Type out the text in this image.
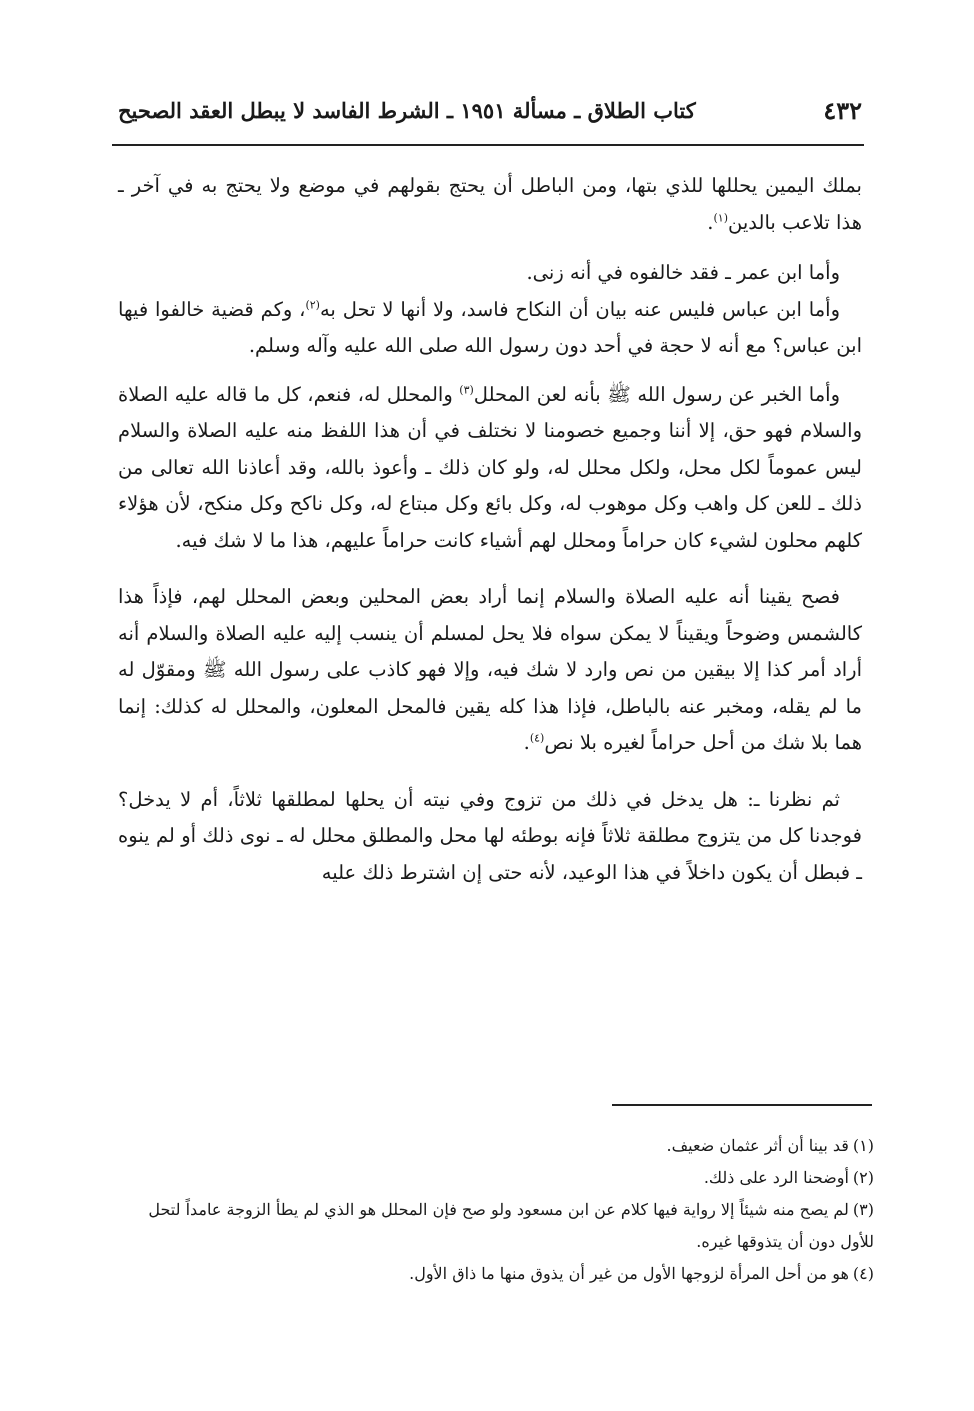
٤٣٢
كتاب الطلاق ـ مسألة ١٩٥١ ـ الشرط الفاسد لا يبطل العقد الصحيح

بملك اليمين يحللها للذي بتها، ومن الباطل أن يحتج بقولهم في موضع ولا يحتج به في آخر ـ هذا تلاعب بالدين$^{(١)}$.

وأما ابن عمر ـ فقد خالفوه في أنه زنى.

وأما ابن عباس فليس عنه بيان أن النكاح فاسد، ولا أنها لا تحل به$^{(٢)}$، وكم قضية خالفوا فيها ابن عباس؟ مع أنه لا حجة في أحد دون رسول الله صلى الله عليه وآله وسلم.

وأما الخبر عن رسول الله ﷺ بأنه لعن المحلل$^{(٣)}$ والمحلل له، فنعم، كل ما قاله عليه الصلاة والسلام فهو حق، إلا أننا وجميع خصومنا لا نختلف في أن هذا اللفظ منه عليه الصلاة والسلام ليس عموماً لكل محل، ولكل محلل له، ولو كان ذلك ـ وأعوذ بالله، وقد أعاذنا الله تعالى من ذلك ـ للعن كل واهب وكل موهوب له، وكل بائع وكل مبتاع له، وكل ناكح وكل منكح، لأن هؤلاء كلهم محلون لشيء كان حراماً ومحلل لهم أشياء كانت حراماً عليهم، هذا ما لا شك فيه.

فصح يقينا أنه عليه الصلاة والسلام إنما أراد بعض المحلين وبعض المحلل لهم، فإذاً هذا كالشمس وضوحاً ويقيناً لا يمكن سواه فلا يحل لمسلم أن ينسب إليه عليه الصلاة والسلام أنه أراد أمر كذا إلا بيقين من نص وارد لا شك فيه، وإلا فهو كاذب على رسول الله ﷺ ومقوّل له ما لم يقله، ومخبر عنه بالباطل، فإذا هذا كله يقين فالمحل المعلون، والمحلل له كذلك: إنما هما بلا شك من أحل حراماً لغيره بلا نص$^{(٤)}$.

ثم نظرنا ـ: هل يدخل في ذلك من تزوج وفي نيته أن يحلها لمطلقها ثلاثاً، أم لا يدخل؟ فوجدنا كل من يتزوج مطلقة ثلاثاً فإنه بوطئه لها محل والمطلق محلل له ـ نوى ذلك أو لم ينوه ـ فبطل أن يكون داخلاً في هذا الوعيد، لأنه حتى إن اشترط ذلك عليه

(١)قد بينا أن أثر عثمان ضعيف.

(٢)أوضحنا الرد على ذلك.

(٣)لم يصح منه شيئاً إلا رواية فيها كلام عن ابن مسعود ولو صح فإن المحلل هو الذي لم يطأ الزوجة عامداً لتحل للأول دون أن يتذوقها غيره.

(٤)هو من أحل المرأة لزوجها الأول من غير أن يذوق منها ما ذاق الأول.
